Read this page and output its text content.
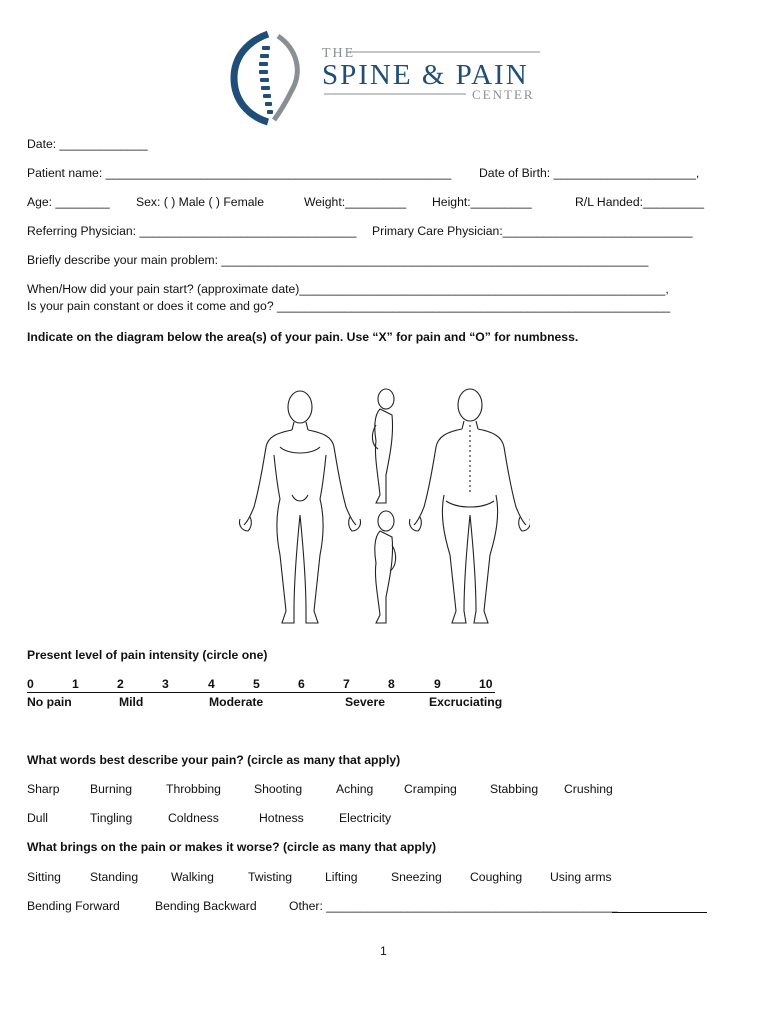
THE
SPINE & PAIN
CENTER
Date: _____________
Patient name: ___________________________________________________ Date of Birth: _____________________,
Age: ________ Sex: ( ) Male ( ) Female	Weight:_________ Height:_________	R/L Handed:_________
Referring Physician: ________________________________ Primary Care Physician:____________________________
Briefly describe your main problem: _______________________________________________________________
When/How did your pain start? (approximate date)______________________________________________________,
Is your pain constant or does it come and go? __________________________________________________________
Indicate on the diagram below the area(s) of your pain. Use “X” for pain and “O” for numbness.
Present level of pain intensity (circle one)
0	1	2	3	4	5	6	7	8	9	10
No pain	Mild	Moderate	Severe	Excruciating
What words best describe your pain? (circle as many that apply)
Sharp Burning	Throbbing	Shooting	Aching	Cramping	Stabbing Crushing
Dull	Tingling	Coldness	Hotness	Electricity
What brings on the pain or makes it worse? (circle as many that apply)
Sitting Standing	Walking	Twisting	Lifting	Sneezing Coughing Using arms
Bending Forward	Bending Backward	Other: ___________________________________________
1
